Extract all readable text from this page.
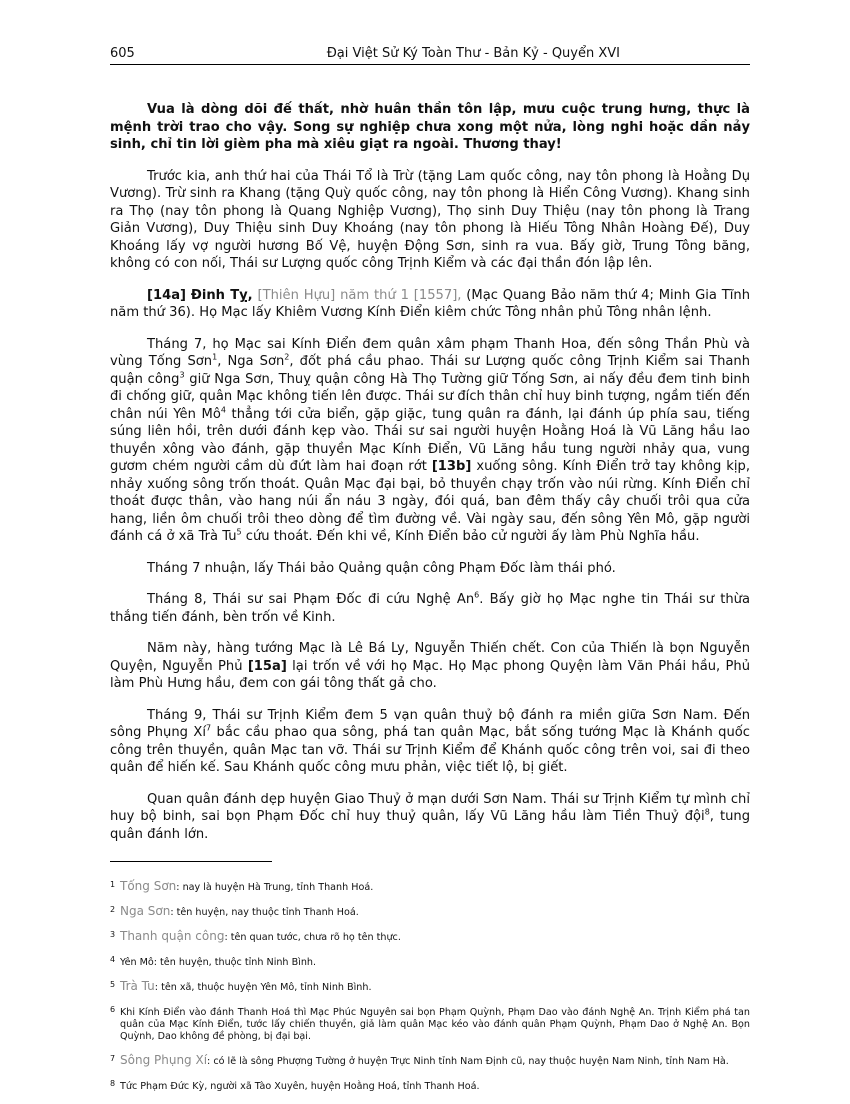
605	Đại Việt Sử Ký Toàn Thư - Bản Kỷ - Quyển XVI

Vua là dòng dõi đế thất, nhờ huân thần tôn lập, mưu cuộc trung hưng, thực là mệnh trời trao cho vậy. Song sự nghiệp chưa xong một nửa, lòng nghi hoặc dần nảy sinh, chỉ tin lời gièm pha mà xiêu giạt ra ngoài. Thương thay!

Trước kia, anh thứ hai của Thái Tổ là Trừ (tặng Lam quốc công, nay tôn phong là Hoằng Dụ Vương). Trừ sinh ra Khang (tặng Quỳ quốc công, nay tôn phong là Hiển Công Vương). Khang sinh ra Thọ (nay tôn phong là Quang Nghiệp Vương), Thọ sinh Duy Thiệu (nay tôn phong là Trang Giản Vương), Duy Thiệu sinh Duy Khoáng (nay tôn phong là Hiếu Tông Nhân Hoàng Đế), Duy Khoáng lấy vợ người hương Bố Vệ, huyện Động Sơn, sinh ra vua. Bấy giờ, Trung Tông băng, không có con nối, Thái sư Lượng quốc công Trịnh Kiểm và các đại thần đón lập lên.

[14a] Đinh Tỵ, [Thiên Hựu] năm thứ 1 [1557], (Mạc Quang Bảo năm thứ 4; Minh Gia Tĩnh năm thứ 36). Họ Mạc lấy Khiêm Vương Kính Điển kiêm chức Tông nhân phủ Tông nhân lệnh.

Tháng 7, họ Mạc sai Kính Điển đem quân xâm phạm Thanh Hoa, đến sông Thần Phù và vùng Tống Sơn$^1$, Nga Sơn$^2$, đốt phá cầu phao. Thái sư Lượng quốc công Trịnh Kiểm sai Thanh quận công$^3$ giữ Nga Sơn, Thuỵ quận công Hà Thọ Tường giữ Tống Sơn, ai nấy đều đem tinh binh đi chống giữ, quân Mạc không tiến lên được. Thái sư đích thân chỉ huy binh tượng, ngầm tiến đến chân núi Yên $Mô^4$ thẳng tới cửa biển, gặp giặc, tung quân ra đánh, lại đánh úp phía sau, tiếng súng liên hồi, trên dưới đánh kẹp vào. Thái sư sai người huyện Hoằng Hoá là Vũ Lăng hầu lao thuyền xông vào đánh, gặp thuyền Mạc Kính Điển, Vũ Lăng hầu tung người nhảy qua, vung gươm chém người cầm dù đứt làm hai đoạn rớt [13b] xuống sông. Kính Điển trở tay không kịp, nhảy xuống sông trốn thoát. Quân Mạc đại bại, bỏ thuyền chạy trốn vào núi rừng. Kính Điển chỉ thoát được thân, vào hang núi ẩn náu 3 ngày, đói quá, ban đêm thấy cây chuối trôi qua cửa hang, liền ôm chuối trôi theo dòng để tìm đường về. Vài ngày sau, đến sông Yên Mô, gặp người đánh cá ở xã Trà Tu$^5$ cứu thoát. Đến khi về, Kính Điển bảo cử người ấy làm Phù Nghĩa hầu.

Tháng 7 nhuận, lấy Thái bảo Quảng quận công Phạm Đốc làm thái phó.

Tháng 8, Thái sư sai Phạm Đốc đi cứu Nghệ An$^6$. Bấy giờ họ Mạc nghe tin Thái sư thừa thắng tiến đánh, bèn trốn về Kinh.

Năm này, hàng tướng Mạc là Lê Bá Ly, Nguyễn Thiến chết. Con của Thiến là bọn Nguyễn Quyện, Nguyễn Phủ [15a] lại trốn về với họ Mạc. Họ Mạc phong Quyện làm Văn Phái hầu, Phủ làm Phù Hưng hầu, đem con gái tông thất gả cho.

Tháng 9, Thái sư Trịnh Kiểm đem 5 vạn quân thuỷ bộ đánh ra miền giữa Sơn Nam. Đến sông Phụng $Xí^7$ bắc cầu phao qua sông, phá tan quân Mạc, bắt sống tướng Mạc là Khánh quốc công trên thuyền, quân Mạc tan vỡ. Thái sư Trịnh Kiểm để Khánh quốc công trên voi, sai đi theo quân để hiến kế. Sau Khánh quốc công mưu phản, việc tiết lộ, bị giết.

Quan quân đánh dẹp huyện Giao Thuỷ ở mạn dưới Sơn Nam. Thái sư Trịnh Kiểm tự mình chỉ huy bộ binh, sai bọn Phạm Đốc chỉ huy thuỷ quân, lấy Vũ Lăng hầu làm Tiền Thuỷ đội$^8$, tung quân đánh lớn.

1 Tống Sơn: nay là huyện Hà Trung, tỉnh Thanh Hoá.
2 Nga Sơn: tên huyện, nay thuộc tỉnh Thanh Hoá.
3 Thanh quận công: tên quan tước, chưa rõ họ tên thực.
4 Yên Mô: tên huyện, thuộc tỉnh Ninh Bình.
5 Trà Tu: tên xã, thuộc huyện Yên Mô, tỉnh Ninh Bình.
6 Khi Kính Điển vào đánh Thanh Hoá thì Mạc Phúc Nguyên sai bọn Phạm Quỳnh, Phạm Dao vào đánh Nghệ An. Trịnh Kiểm phá tan quân của Mạc Kính Điển, tước lấy chiến thuyền, giả làm quân Mạc kéo vào đánh quân Phạm Quỳnh, Phạm Dao ở Nghệ An. Bọn Quỳnh, Dao không đề phòng, bị đại bại.
7 Sông Phụng Xí: có lẽ là sông Phượng Tường ở huyện Trực Ninh tỉnh Nam Định cũ, nay thuộc huyện Nam Ninh, tỉnh Nam Hà.
8 Tức Phạm Đức Kỳ, người xã Tào Xuyên, huyện Hoằng Hoá, tỉnh Thanh Hoá.
